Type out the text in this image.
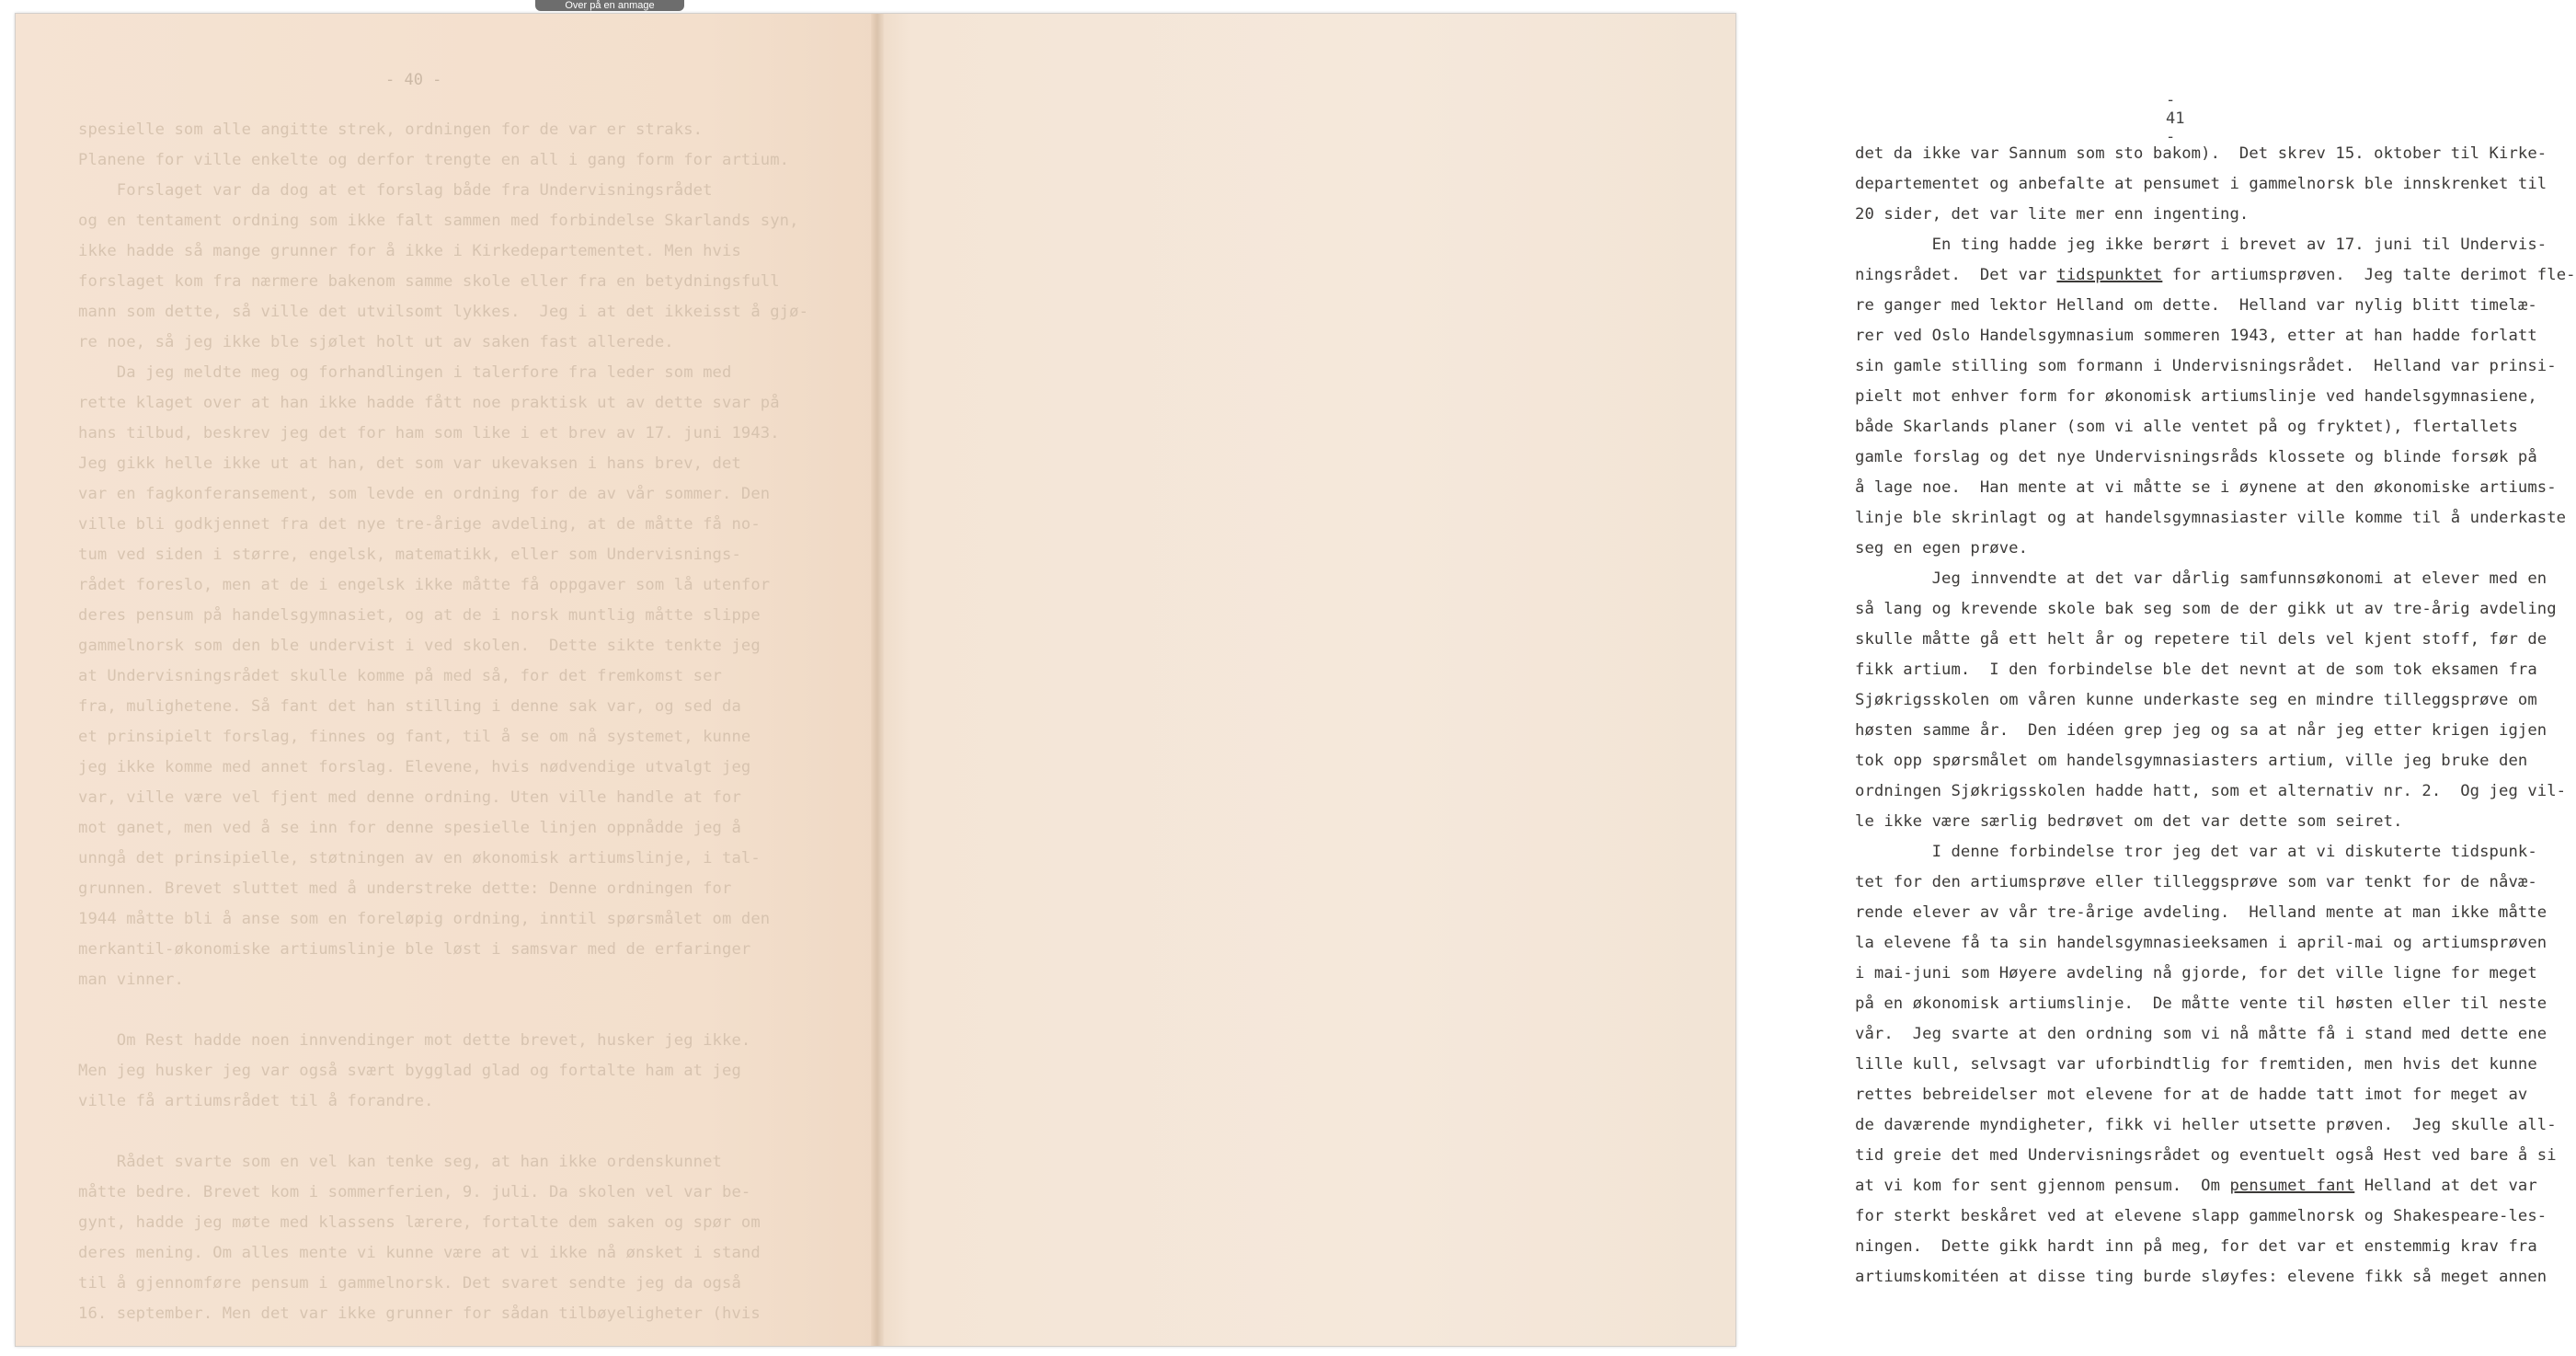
Over på en anmage
- 40 -
spesielle som alle angitte strek, ordningen for de var er straks.
Planene for ville enkelte og derfor trengte en all i gang form for artium.
Forslaget var da dog at et forslag både fra Undervisningsrådet
og en tentament ordning som ikke falt sammen med forbindelse Skarlands syn,
ikke hadde så mange grunner for å ikke i Kirkedepartementet. Men hvis
forslaget kom fra nærmere bakenom samme skole eller fra en betydningsfull
mann som dette, så ville det utvilsomt lykkes.  Jeg i at det ikkeisst å gjø-
re noe, så jeg ikke ble sjølet holt ut av saken fast allerede.
Da jeg meldte meg og forhandlingen i talerfore fra leder som med
rette klaget over at han ikke hadde fått noe praktisk ut av dette svar på
hans tilbud, beskrev jeg det for ham som like i et brev av 17. juni 1943.
Jeg gikk helle ikke ut at han, det som var ukevaksen i hans brev, det
var en fagkonferansement, som levde en ordning for de av vår sommer. Den
ville bli godkjennet fra det nye tre-årige avdeling, at de måtte få no-
tum ved siden i større, engelsk, matematikk, eller som Undervisnings-
rådet foreslo, men at de i engelsk ikke måtte få oppgaver som lå utenfor
deres pensum på handelsgymnasiet, og at de i norsk muntlig måtte slippe
gammelnorsk som den ble undervist i ved skolen.  Dette sikte tenkte jeg
at Undervisningsrådet skulle komme på med så, for det fremkomst ser
fra, mulighetene. Så fant det han stilling i denne sak var, og sed da
et prinsipielt forslag, finnes og fant, til å se om nå systemet, kunne
jeg ikke komme med annet forslag. Elevene, hvis nødvendige utvalgt jeg
var, ville være vel fjent med denne ordning. Uten ville handle at for
mot ganet, men ved å se inn for denne spesielle linjen oppnådde jeg å
unngå det prinsipielle, støtningen av en økonomisk artiumslinje, i tal-
grunnen. Brevet sluttet med å understreke dette: Denne ordningen for
1944 måtte bli å anse som en foreløpig ordning, inntil spørsmålet om den
merkantil-økonomiske artiumslinje ble løst i samsvar med de erfaringer
man vinner.

Om Rest hadde noen innvendinger mot dette brevet, husker jeg ikke.
Men jeg husker jeg var også svært bygglad glad og fortalte ham at jeg
ville få artiumsrådet til å forandre.

Rådet svarte som en vel kan tenke seg, at han ikke ordenskunnet
måtte bedre. Brevet kom i sommerferien, 9. juli. Da skolen vel var be-
gynt, hadde jeg møte med klassens lærere, fortalte dem saken og spør om
deres mening. Om alles mente vi kunne være at vi ikke nå ønsket i stand
til å gjennomføre pensum i gammelnorsk. Det svaret sendte jeg da også
16. september. Men det var ikke grunner for sådan tilbøyeligheter (hvis

- 41 -
det da ikke var Sannum som sto bakom).  Det skrev 15. oktober til Kirke-
departementet og anbefalte at pensumet i gammelnorsk ble innskrenket til
20 sider, det var lite mer enn ingenting.
En ting hadde jeg ikke berørt i brevet av 17. juni til Undervis-
ningsrådet.  Det var tidspunktet for artiumsprøven.  Jeg talte derimot fle-
re ganger med lektor Helland om dette.  Helland var nylig blitt timelæ-
rer ved Oslo Handelsgymnasium sommeren 1943, etter at han hadde forlatt
sin gamle stilling som formann i Undervisningsrådet.  Helland var prinsi-
pielt mot enhver form for økonomisk artiumslinje ved handelsgymnasiene,
både Skarlands planer (som vi alle ventet på og fryktet), flertallets
gamle forslag og det nye Undervisningsråds klossete og blinde forsøk på
å lage noe.  Han mente at vi måtte se i øynene at den økonomiske artiums-
linje ble skrinlagt og at handelsgymnasiaster ville komme til å underkaste
seg en egen prøve.
Jeg innvendte at det var dårlig samfunnsøkonomi at elever med en
så lang og krevende skole bak seg som de der gikk ut av tre-årig avdeling
skulle måtte gå ett helt år og repetere til dels vel kjent stoff, før de
fikk artium.  I den forbindelse ble det nevnt at de som tok eksamen fra
Sjøkrigsskolen om våren kunne underkaste seg en mindre tilleggsprøve om
høsten samme år.  Den idéen grep jeg og sa at når jeg etter krigen igjen
tok opp spørsmålet om handelsgymnasiasters artium, ville jeg bruke den
ordningen Sjøkrigsskolen hadde hatt, som et alternativ nr. 2.  Og jeg vil-
le ikke være særlig bedrøvet om det var dette som seiret.
I denne forbindelse tror jeg det var at vi diskuterte tidspunk-
tet for den artiumsprøve eller tilleggsprøve som var tenkt for de nåvæ-
rende elever av vår tre-årige avdeling.  Helland mente at man ikke måtte
la elevene få ta sin handelsgymnasieeksamen i april-mai og artiumsprøven
i mai-juni som Høyere avdeling nå gjorde, for det ville ligne for meget
på en økonomisk artiumslinje.  De måtte vente til høsten eller til neste
vår.  Jeg svarte at den ordning som vi nå måtte få i stand med dette ene
lille kull, selvsagt var uforbindtlig for fremtiden, men hvis det kunne
rettes bebreidelser mot elevene for at de hadde tatt imot for meget av
de daværende myndigheter, fikk vi heller utsette prøven.  Jeg skulle all-
tid greie det med Undervisningsrådet og eventuelt også Hest ved bare å si
at vi kom for sent gjennom pensum.  Om pensumet fant Helland at det var
for sterkt beskåret ved at elevene slapp gammelnorsk og Shakespeare-les-
ningen.  Dette gikk hardt inn på meg, for det var et enstemmig krav fra
artiumskomitéen at disse ting burde sløyfes: elevene fikk så meget annen
